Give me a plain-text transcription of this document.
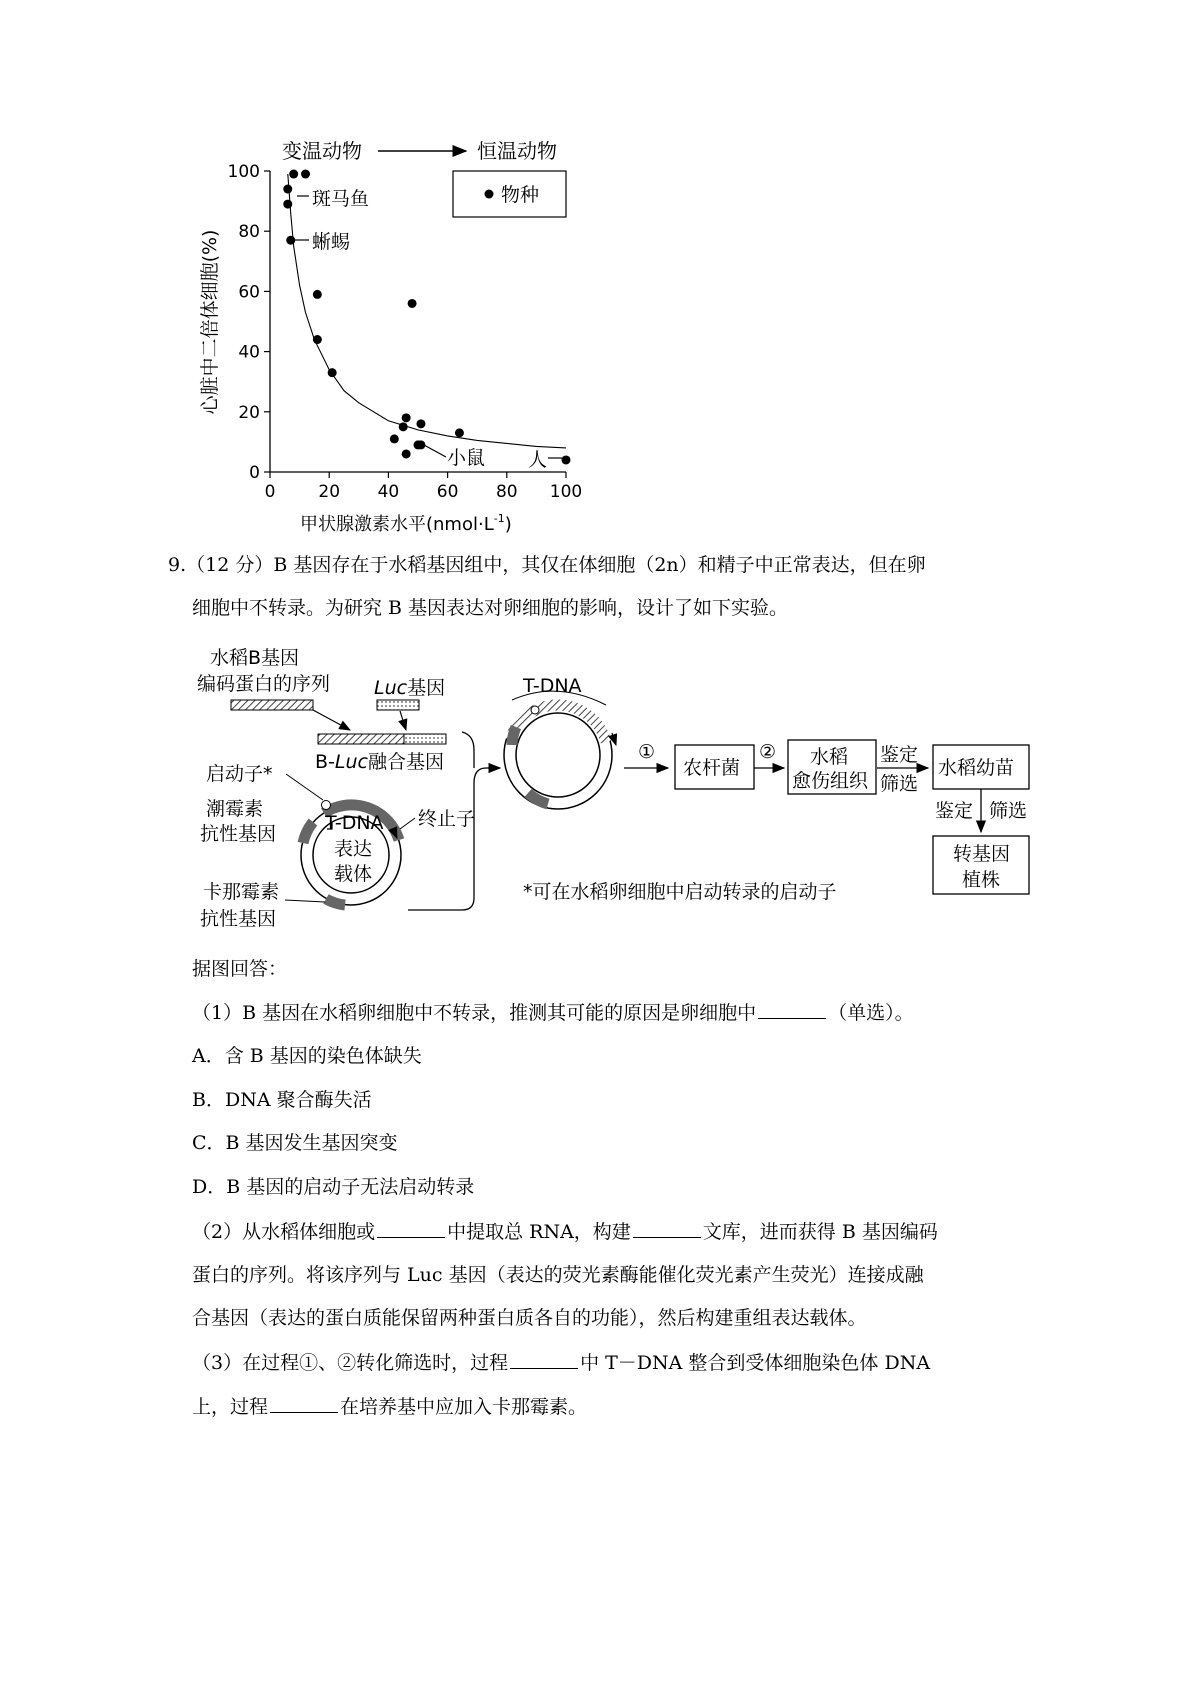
变温动物	恒温动物
0
20
40
60
80
100
0	20 40 60 80 100
心脏中二倍体细胞(%)
甲状腺激素水平$(nmol\cdot L^{-1})$
物种
斑马鱼
蜥蜴
小鼠 人
9.（12 分）B 基因存在于水稻基因组中，其仅在体细胞（2n）和精子中正常表达，但在卵
细胞中不转录。为研究 B 基因表达对卵细胞的影响，设计了如下实验。
水稻B基因
编码蛋白的序列 Luc基因
B-Luc融合基因
启动子*
潮霉素
抗性基因	T-DNA
表达
载体
终止子
卡那霉素
抗性基因
T-DNA
①
农杆菌
② 水稻
愈伤组织
鉴定
筛选
水稻幼苗
鉴定 筛选
转基因
植株
*可在水稻卵细胞中启动转录的启动子
据图回答：
（1）B 基因在水稻卵细胞中不转录，推测其可能的原因是卵细胞中	（单选）。
A．含 B 基因的染色体缺失
B．DNA 聚合酶失活
C．B 基因发生基因突变
D．B 基因的启动子无法启动转录
（2）从水稻体细胞或	中提取总 RNA，构建	文库，进而获得 B 基因编码
蛋白的序列。将该序列与 Luc 基因（表达的荧光素酶能催化荧光素产生荧光）连接成融
合基因（表达的蛋白质能保留两种蛋白质各自的功能），然后构建重组表达载体。
（3）在过程①、②转化筛选时，过程	中 T－DNA 整合到受体细胞染色体 DNA
上，过程	在培养基中应加入卡那霉素。
